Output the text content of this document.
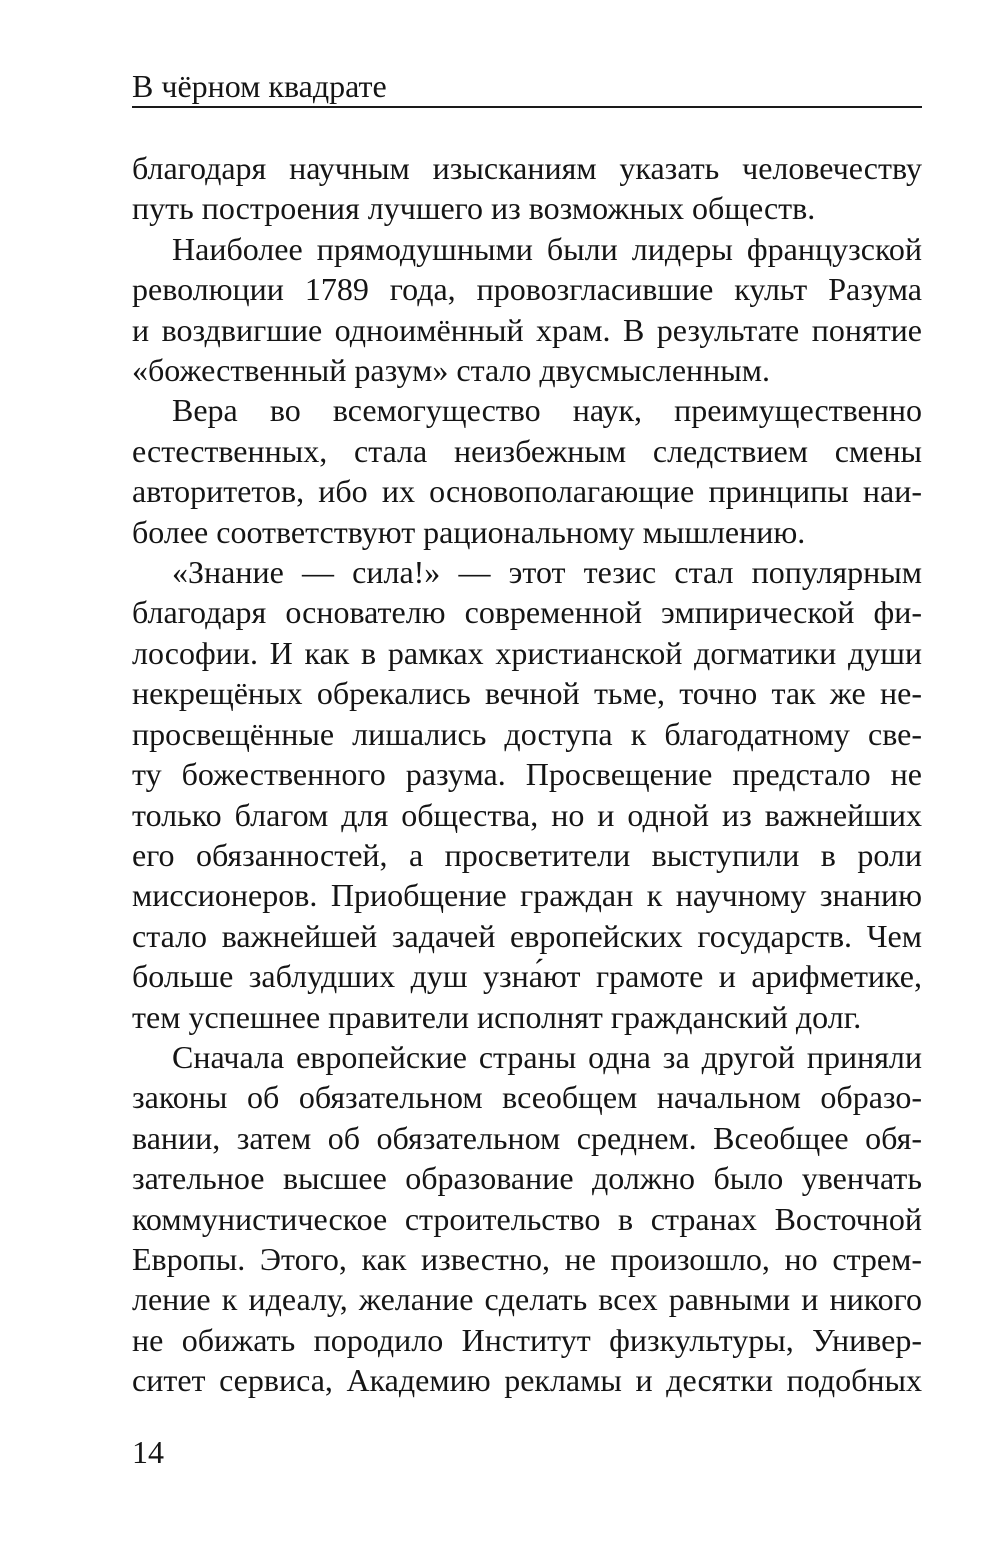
В чёрном квадрате

благодаря научным изысканиям указать человечеству
путь построения лучшего из возможных обществ.

Наиболее прямодушными были лидеры французской
революции 1789 года, провозгласившие культ Разума
и воздвигшие одноимённый храм. В результате понятие
«божественный разум» стало двусмысленным.

Вера во всемогущество наук, преимущественно
естественных, стала неизбежным следствием смены
авторитетов, ибо их основополагающие принципы наи-
более соответствуют рациональному мышлению.

«Знание — сила!» — этот тезис стал популярным
благодаря основателю современной эмпирической фи-
лософии. И как в рамках христианской догматики души
некрещёных обрекались вечной тьме, точно так же не-
просвещённые лишались доступа к благодатному све-
ту божественного разума. Просвещение предстало не
только благом для общества, но и одной из важнейших
его обязанностей, а просветители выступили в роли
миссионеров. Приобщение граждан к научному знанию
стало важнейшей задачей европейских государств. Чем
больше заблудших душ узна́ют грамоте и арифметике,
тем успешнее правители исполнят гражданский долг.

Сначала европейские страны одна за другой приняли
законы об обязательном всеобщем начальном образо-
вании, затем об обязательном среднем. Всеобщее обя-
зательное высшее образование должно было увенчать
коммунистическое строительство в странах Восточной
Европы. Этого, как известно, не произошло, но стрем-
ление к идеалу, желание сделать всех равными и никого
не обижать породило Институт физкультуры, Универ-
ситет сервиса, Академию рекламы и десятки подобных

14
